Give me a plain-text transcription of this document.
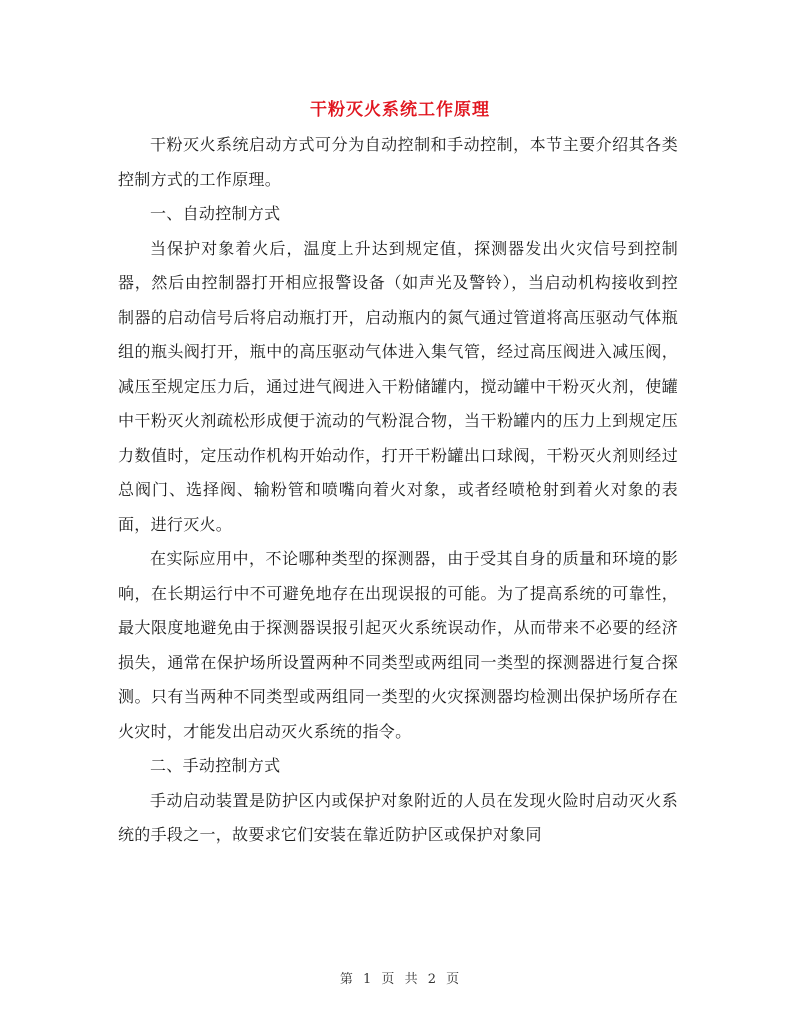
干粉灭火系统工作原理

干粉灭火系统启动方式可分为自动控制和手动控制，本节主要介绍其各类控制方式的工作原理。

一、自动控制方式

当保护对象着火后，温度上升达到规定值，探测器发出火灾信号到控制器，然后由控制器打开相应报警设备（如声光及警铃），当启动机构接收到控制器的启动信号后将启动瓶打开，启动瓶内的氮气通过管道将高压驱动气体瓶组的瓶头阀打开，瓶中的高压驱动气体进入集气管，经过高压阀进入减压阀，减压至规定压力后，通过进气阀进入干粉储罐内，搅动罐中干粉灭火剂，使罐中干粉灭火剂疏松形成便于流动的气粉混合物，当干粉罐内的压力上到规定压力数值时，定压动作机构开始动作，打开干粉罐出口球阀，干粉灭火剂则经过总阀门、选择阀、输粉管和喷嘴向着火对象，或者经喷枪射到着火对象的表面，进行灭火。

在实际应用中，不论哪种类型的探测器，由于受其自身的质量和环境的影响，在长期运行中不可避免地存在出现误报的可能。为了提高系统的可靠性，最大限度地避免由于探测器误报引起灭火系统误动作，从而带来不必要的经济损失，通常在保护场所设置两种不同类型或两组同一类型的探测器进行复合探测。只有当两种不同类型或两组同一类型的火灾探测器均检测出保护场所存在火灾时，才能发出启动灭火系统的指令。

二、手动控制方式

手动启动装置是防护区内或保护对象附近的人员在发现火险时启动灭火系统的手段之一，故要求它们安装在靠近防护区或保护对象同

第 1 页 共 2 页
